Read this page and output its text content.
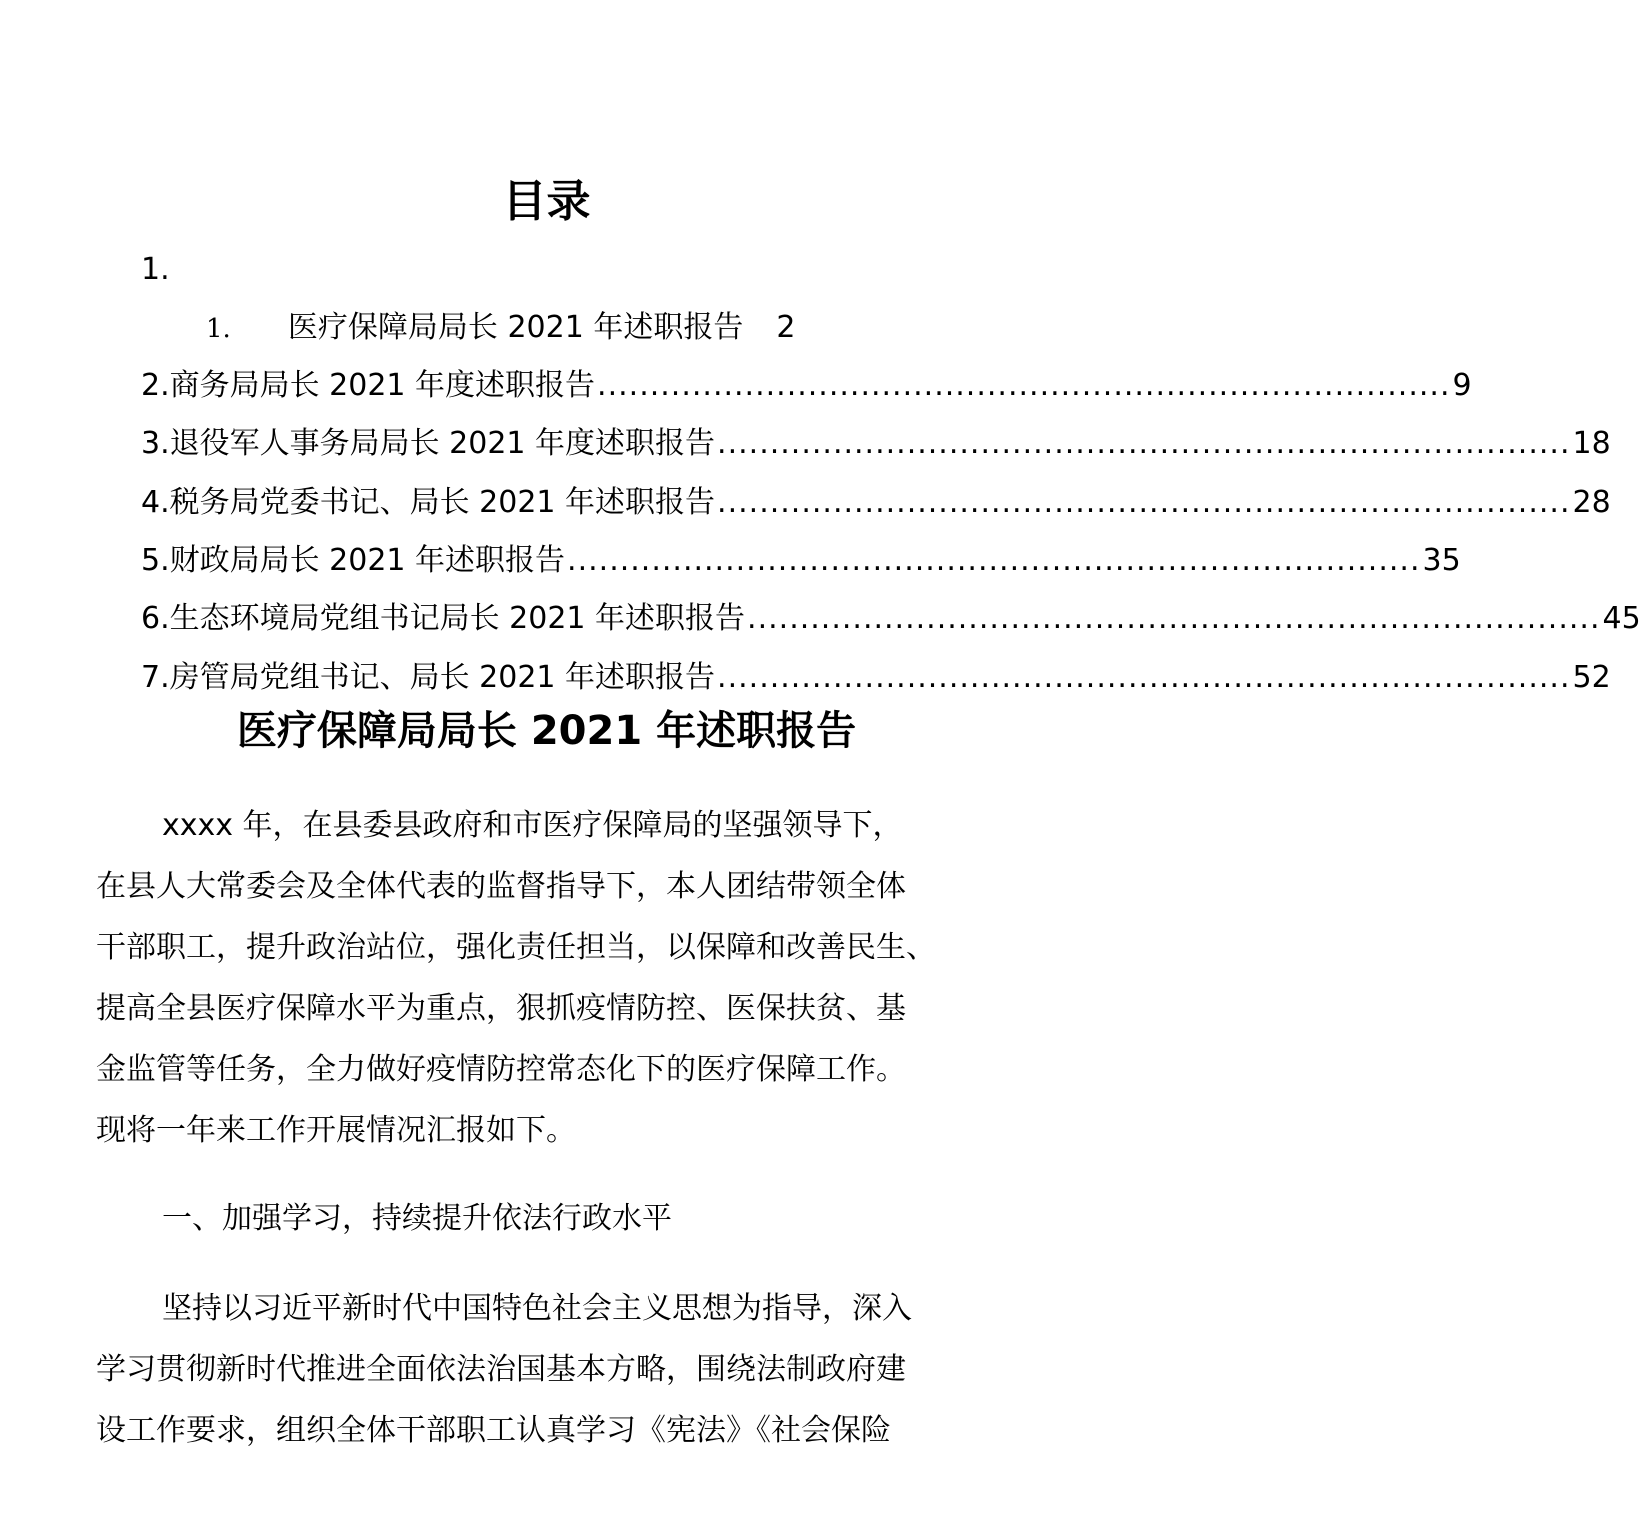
目录
1.
1. 医疗保障局局长 2021 年述职报告 2
2.商务局局长 2021 年度述职报告 ................................................................................. 9
3.退役军人事务局局长 2021 年度述职报告 ................................................................................. 18
4.税务局党委书记、局长 2021 年述职报告 ................................................................................. 28
5.财政局局长 2021 年述职报告 ................................................................................. 35
6.生态环境局党组书记局长 2021 年述职报告 ................................................................................. 45
7.房管局党组书记、局长 2021 年述职报告 ................................................................................. 52
医疗保障局局长 2021 年述职报告
xxxx 年，在县委县政府和市医疗保障局的坚强领导下，
在县人大常委会及全体代表的监督指导下，本人团结带领全体
干部职工，提升政治站位，强化责任担当，以保障和改善民生、
提高全县医疗保障水平为重点，狠抓疫情防控、医保扶贫、基
金监管等任务，全力做好疫情防控常态化下的医疗保障工作。
现将一年来工作开展情况汇报如下。
一、加强学习，持续提升依法行政水平
坚持以习近平新时代中国特色社会主义思想为指导，深入
学习贯彻新时代推进全面依法治国基本方略，围绕法制政府建
设工作要求，组织全体干部职工认真学习《宪法》《社会保险
